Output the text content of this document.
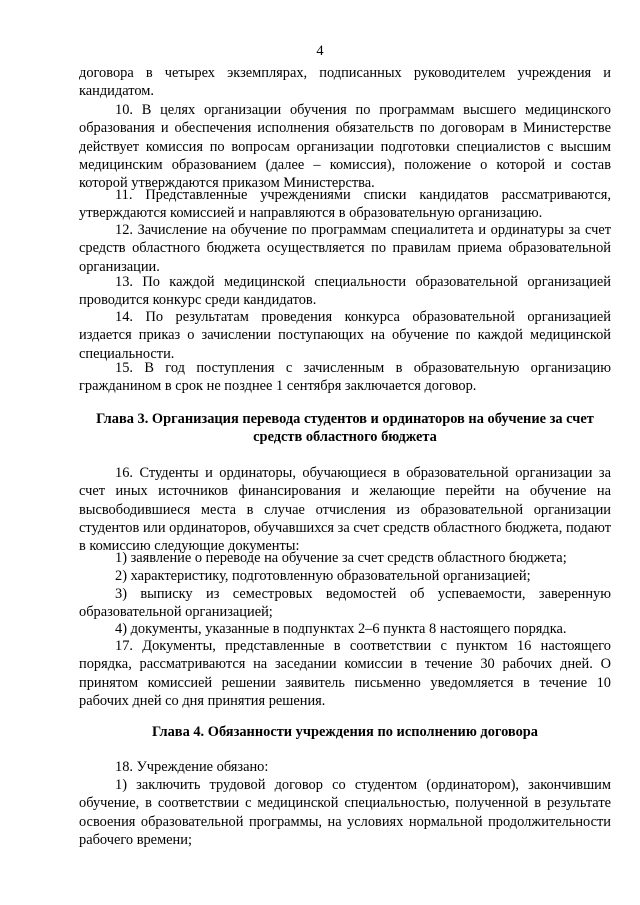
4

договора в четырех экземплярах, подписанных руководителем учреждения и кандидатом.

10. В целях организации обучения по программам высшего медицинского образования и обеспечения исполнения обязательств по договорам в Министерстве действует комиссия по вопросам организации подготовки специалистов с высшим медицинским образованием (далее – комиссия), положение о которой и состав которой утверждаются приказом Министерства.

11. Представленные учреждениями списки кандидатов рассматриваются, утверждаются комиссией и направляются в образовательную организацию.

12. Зачисление на обучение по программам специалитета и ординатуры за счет средств областного бюджета осуществляется по правилам приема образовательной организации.

13. По каждой медицинской специальности образовательной организацией проводится конкурс среди кандидатов.

14. По результатам проведения конкурса образовательной организацией издается приказ о зачислении поступающих на обучение по каждой медицинской специальности.

15. В год поступления с зачисленным в образовательную организацию гражданином в срок не позднее 1 сентября заключается договор.

Глава 3. Организация перевода студентов и ординаторов на обучение за счет средств областного бюджета

16. Студенты и ординаторы, обучающиеся в образовательной организации за счет иных источников финансирования и желающие перейти на обучение на высвободившиеся места в случае отчисления из образовательной организации студентов или ординаторов, обучавшихся за счет средств областного бюджета, подают в комиссию следующие документы:

1) заявление о переводе на обучение за счет средств областного бюджета;

2) характеристику, подготовленную образовательной организацией;

3) выписку из семестровых ведомостей об успеваемости, заверенную образовательной организацией;

4) документы, указанные в подпунктах 2–6 пункта 8 настоящего порядка.

17. Документы, представленные в соответствии с пунктом 16 настоящего порядка, рассматриваются на заседании комиссии в течение 30 рабочих дней. О принятом комиссией решении заявитель письменно уведомляется в течение 10 рабочих дней со дня принятия решения.

Глава 4. Обязанности учреждения по исполнению договора

18. Учреждение обязано:

1) заключить трудовой договор со студентом (ординатором), закончившим обучение, в соответствии с медицинской специальностью, полученной в результате освоения образовательной программы, на условиях нормальной продолжительности рабочего времени;
